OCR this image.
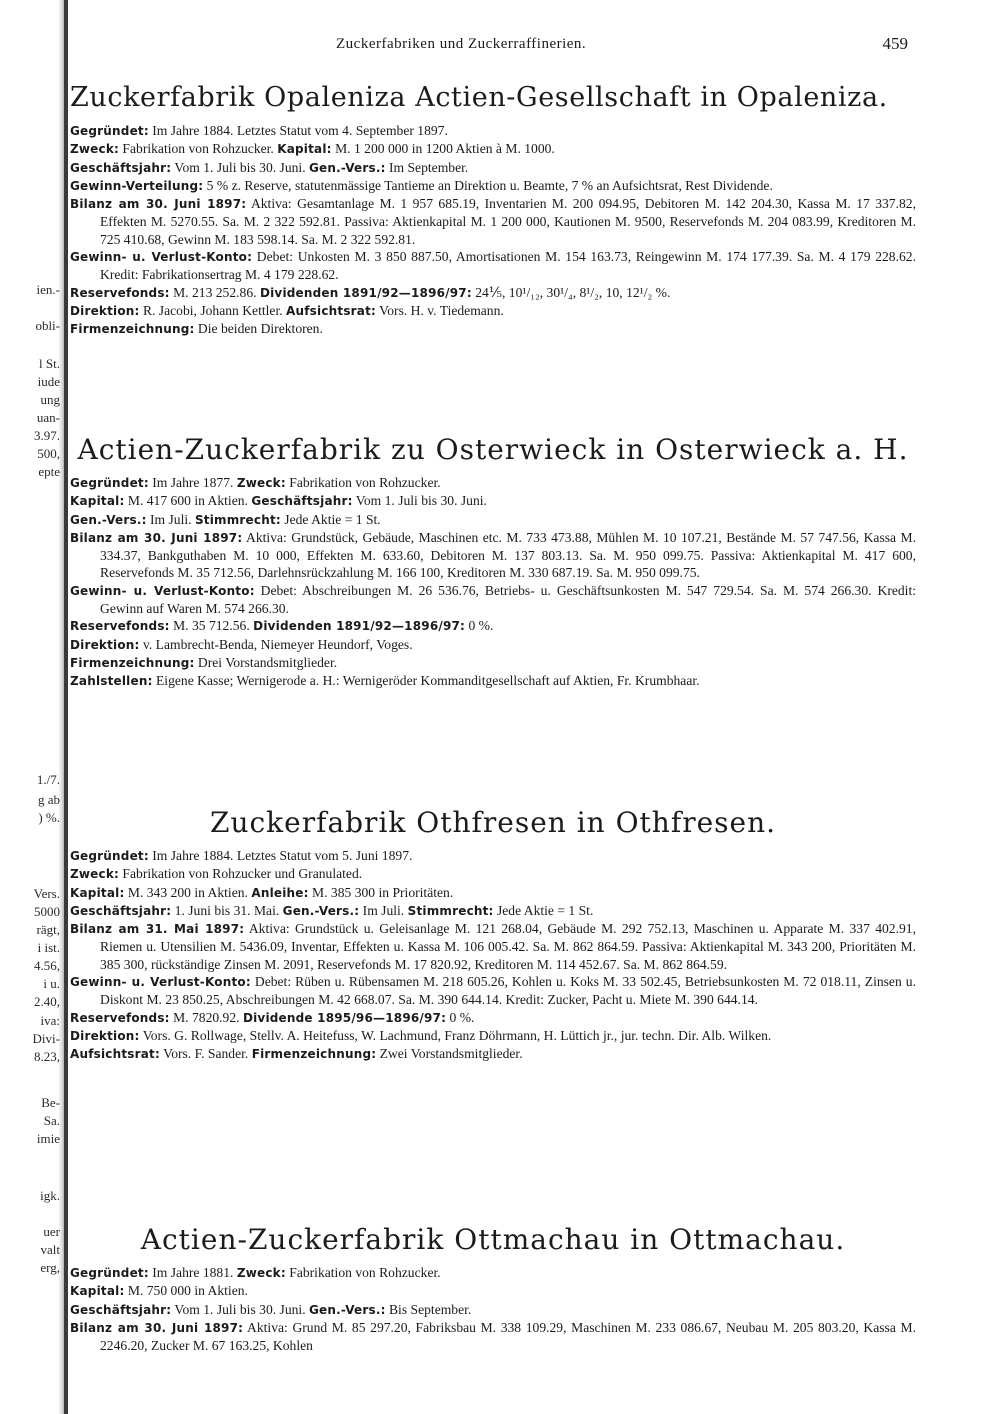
ien.-
obli-
l St.
iude
ung
uan-
3.97.
500,
epte
1./7.
g ab
) %.
Vers.
5000
rägt,
i ist.
4.56,
i u.
2.40,
iva:
Divi-
8.23,
Be-
Sa.
imie
igk.
uer
valt
erg,
Zuckerfabriken und Zuckerraffinerien.	459
Zuckerfabrik Opaleniza Actien-Gesellschaft in Opaleniza.

Gegründet: Im Jahre 1884. Letztes Statut vom 4. September 1897.

Zweck: Fabrikation von Rohzucker. Kapital: M. 1 200 000 in 1200 Aktien à M. 1000.

Geschäftsjahr: Vom 1. Juli bis 30. Juni. Gen.-Vers.: Im September.

Gewinn-Verteilung: 5 % z. Reserve, statutenmässige Tantieme an Direktion u. Beamte, 7 % an Aufsichtsrat, Rest Dividende.

Bilanz am 30. Juni 1897: Aktiva: Gesamtanlage M. 1 957 685.19, Inventarien M. 200 094.95, Debitoren M. 142 204.30, Kassa M. 17 337.82, Effekten M. 5270.55. Sa. M. 2 322 592.81. Passiva: Aktienkapital M. 1 200 000, Kautionen M. 9500, Reservefonds M. 204 083.99, Kreditoren M. 725 410.68, Gewinn M. 183 598.14. Sa. M. 2 322 592.81.

Gewinn- u. Verlust-Konto: Debet: Unkosten M. 3 850 887.50, Amortisationen M. 154 163.73, Reingewinn M. 174 177.39. Sa. M. 4 179 228.62. Kredit: Fabrikationsertrag M. 4 179 228.62.

Reservefonds: M. 213 252.86. Dividenden 1891/92—1896/97: 24⅕, 10¹/₁₂, 30¹/₄, 8¹/₂, 10, 12¹/₂ %.

Direktion: R. Jacobi, Johann Kettler. Aufsichtsrat: Vors. H. v. Tiedemann.

Firmenzeichnung: Die beiden Direktoren.

Actien-Zuckerfabrik zu Osterwieck in Osterwieck a. H.

Gegründet: Im Jahre 1877. Zweck: Fabrikation von Rohzucker.

Kapital: M. 417 600 in Aktien. Geschäftsjahr: Vom 1. Juli bis 30. Juni.

Gen.-Vers.: Im Juli. Stimmrecht: Jede Aktie = 1 St.

Bilanz am 30. Juni 1897: Aktiva: Grundstück, Gebäude, Maschinen etc. M. 733 473.88, Mühlen M. 10 107.21, Bestände M. 57 747.56, Kassa M. 334.37, Bankguthaben M. 10 000, Effekten M. 633.60, Debitoren M. 137 803.13. Sa. M. 950 099.75. Passiva: Aktienkapital M. 417 600, Reservefonds M. 35 712.56, Darlehnsrückzahlung M. 166 100, Kreditoren M. 330 687.19. Sa. M. 950 099.75.

Gewinn- u. Verlust-Konto: Debet: Abschreibungen M. 26 536.76, Betriebs- u. Geschäftsunkosten M. 547 729.54. Sa. M. 574 266.30. Kredit: Gewinn auf Waren M. 574 266.30.

Reservefonds: M. 35 712.56. Dividenden 1891/92—1896/97: 0 %.

Direktion: v. Lambrecht-Benda, Niemeyer Heundorf, Voges.

Firmenzeichnung: Drei Vorstandsmitglieder.

Zahlstellen: Eigene Kasse; Wernigerode a. H.: Wernigeröder Kommanditgesellschaft auf Aktien, Fr. Krumbhaar.

Zuckerfabrik Othfresen in Othfresen.

Gegründet: Im Jahre 1884. Letztes Statut vom 5. Juni 1897.

Zweck: Fabrikation von Rohzucker und Granulated.

Kapital: M. 343 200 in Aktien. Anleihe: M. 385 300 in Prioritäten.

Geschäftsjahr: 1. Juni bis 31. Mai. Gen.-Vers.: Im Juli. Stimmrecht: Jede Aktie = 1 St.

Bilanz am 31. Mai 1897: Aktiva: Grundstück u. Geleisanlage M. 121 268.04, Gebäude M. 292 752.13, Maschinen u. Apparate M. 337 402.91, Riemen u. Utensilien M. 5436.09, Inventar, Effekten u. Kassa M. 106 005.42. Sa. M. 862 864.59. Passiva: Aktienkapital M. 343 200, Prioritäten M. 385 300, rückständige Zinsen M. 2091, Reservefonds M. 17 820.92, Kreditoren M. 114 452.67. Sa. M. 862 864.59.

Gewinn- u. Verlust-Konto: Debet: Rüben u. Rübensamen M. 218 605.26, Kohlen u. Koks M. 33 502.45, Betriebsunkosten M. 72 018.11, Zinsen u. Diskont M. 23 850.25, Abschreibungen M. 42 668.07. Sa. M. 390 644.14. Kredit: Zucker, Pacht u. Miete M. 390 644.14.

Reservefonds: M. 7820.92. Dividende 1895/96—1896/97: 0 %.

Direktion: Vors. G. Rollwage, Stellv. A. Heitefuss, W. Lachmund, Franz Döhrmann, H. Lüttich jr., jur. techn. Dir. Alb. Wilken.

Aufsichtsrat: Vors. F. Sander. Firmenzeichnung: Zwei Vorstandsmitglieder.

Actien-Zuckerfabrik Ottmachau in Ottmachau.

Gegründet: Im Jahre 1881. Zweck: Fabrikation von Rohzucker.

Kapital: M. 750 000 in Aktien.

Geschäftsjahr: Vom 1. Juli bis 30. Juni. Gen.-Vers.: Bis September.

Bilanz am 30. Juni 1897: Aktiva: Grund M. 85 297.20, Fabriksbau M. 338 109.29, Maschinen M. 233 086.67, Neubau M. 205 803.20, Kassa M. 2246.20, Zucker M. 67 163.25, Kohlen
